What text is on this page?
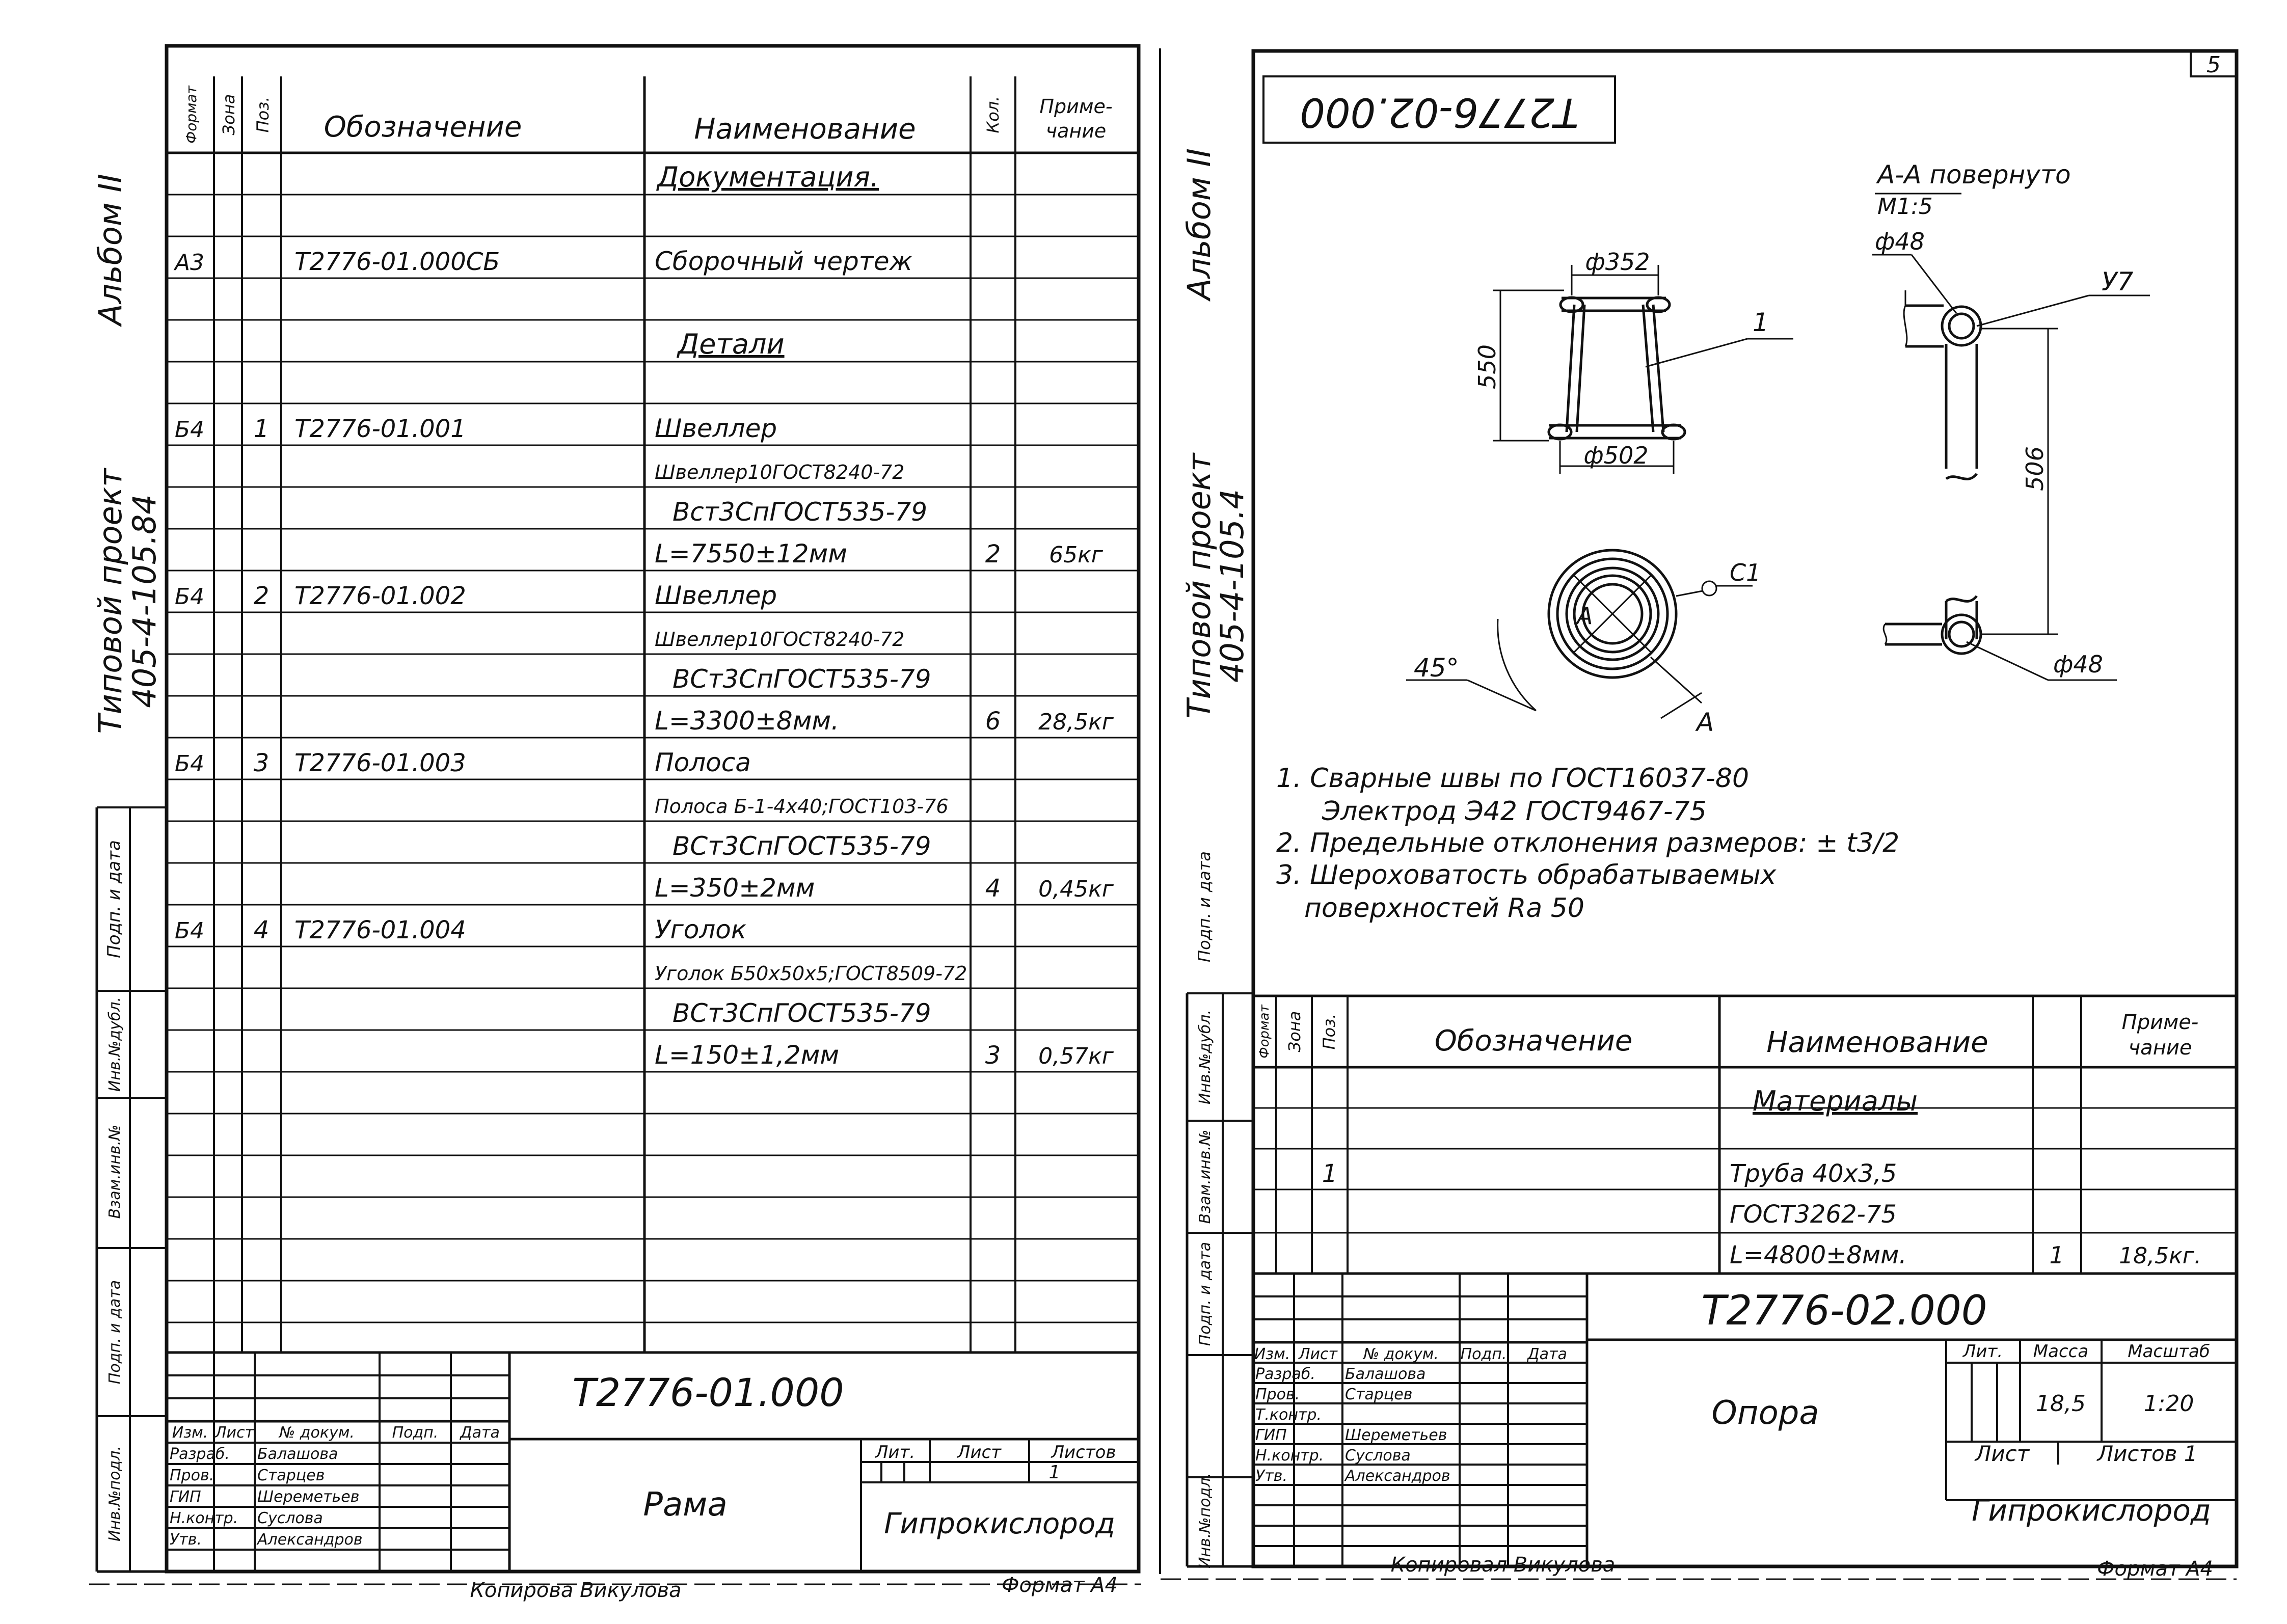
5
Альбом II
Типовой проект
405-4-105.84
Подп. и дата
Инв.№дубл.
Взам.инв.№
Подп. и дата
Инв.№подл.
Формат Зона Поз. Обозначение	Наименование	Кол. Приме-
чание
Документация.
А3	Т2776-01.000СБ	Сборочный чертеж
Детали
Б4 1 Т2776-01.001	Швеллер
Швеллер10ГОСТ8240-72
Вст3СпГОСТ535-79
L=7550±12мм	2 65кг
Б4 2 Т2776-01.002	Швеллер
Швеллер10ГОСТ8240-72
ВСт3СпГОСТ535-79
L=3300±8мм.	6 28,5кг
Б4 3 Т2776-01.003	Полоса
Полоса Б-1-4х40;ГОСТ103-76
ВСт3СпГОСТ535-79
L=350±2мм	4 0,45кг
Б4 4 Т2776-01.004	Уголок
Уголок Б50х50х5;ГОСТ8509-72
ВСт3СпГОСТ535-79
L=150±1,2мм	3 0,57кг
Т2776-01.000
Рама
Лит. Лист	Листов
1
Гипрокислород
Изм. Лист № докум. Подп. Дата
Разраб. Балашова
Пров.	Старцев
ГИП	Шереметьев
Н.контр. Суслова
Утв.	Александров
Копирова Викулова	Формат А4
Т2776-02.000
Альбом II
Типовой проект
405-4-105.4
Подп. и дата
Инв.№дубл.
Взам.инв.№
Подп. и дата
Инв.№подл.
ф352
550
ф502
1
А-А повернуто
М1:5
ф48
У7
506
ф48
45°
С1
А
А
1. Сварные швы по ГОСТ16037-80
Электрод Э42 ГОСТ9467-75
2. Предельные отклонения размеров: ± t3/2
3. Шероховатость обрабатываемых
поверхностей Ra 50
Формат Зона Поз.	Обозначение	Наименование
Приме-
чание
Материалы
1	Труба 40х3,5
ГОСТ3262-75
L=4800±8мм.	1 18,5кг.
Т2776-02.000
Опора
Лит. Масса Масштаб
18,5	1:20
Лист	Листов 1
Гипрокислород
Изм. Лист № докум. Подп. Дата
Разраб. Балашова
Пров.	Старцев
Т.контр.
ГИП	Шереметьев
Н.контр. Суслова
Утв.	Александров
Копировал Викулова	Формат А4
